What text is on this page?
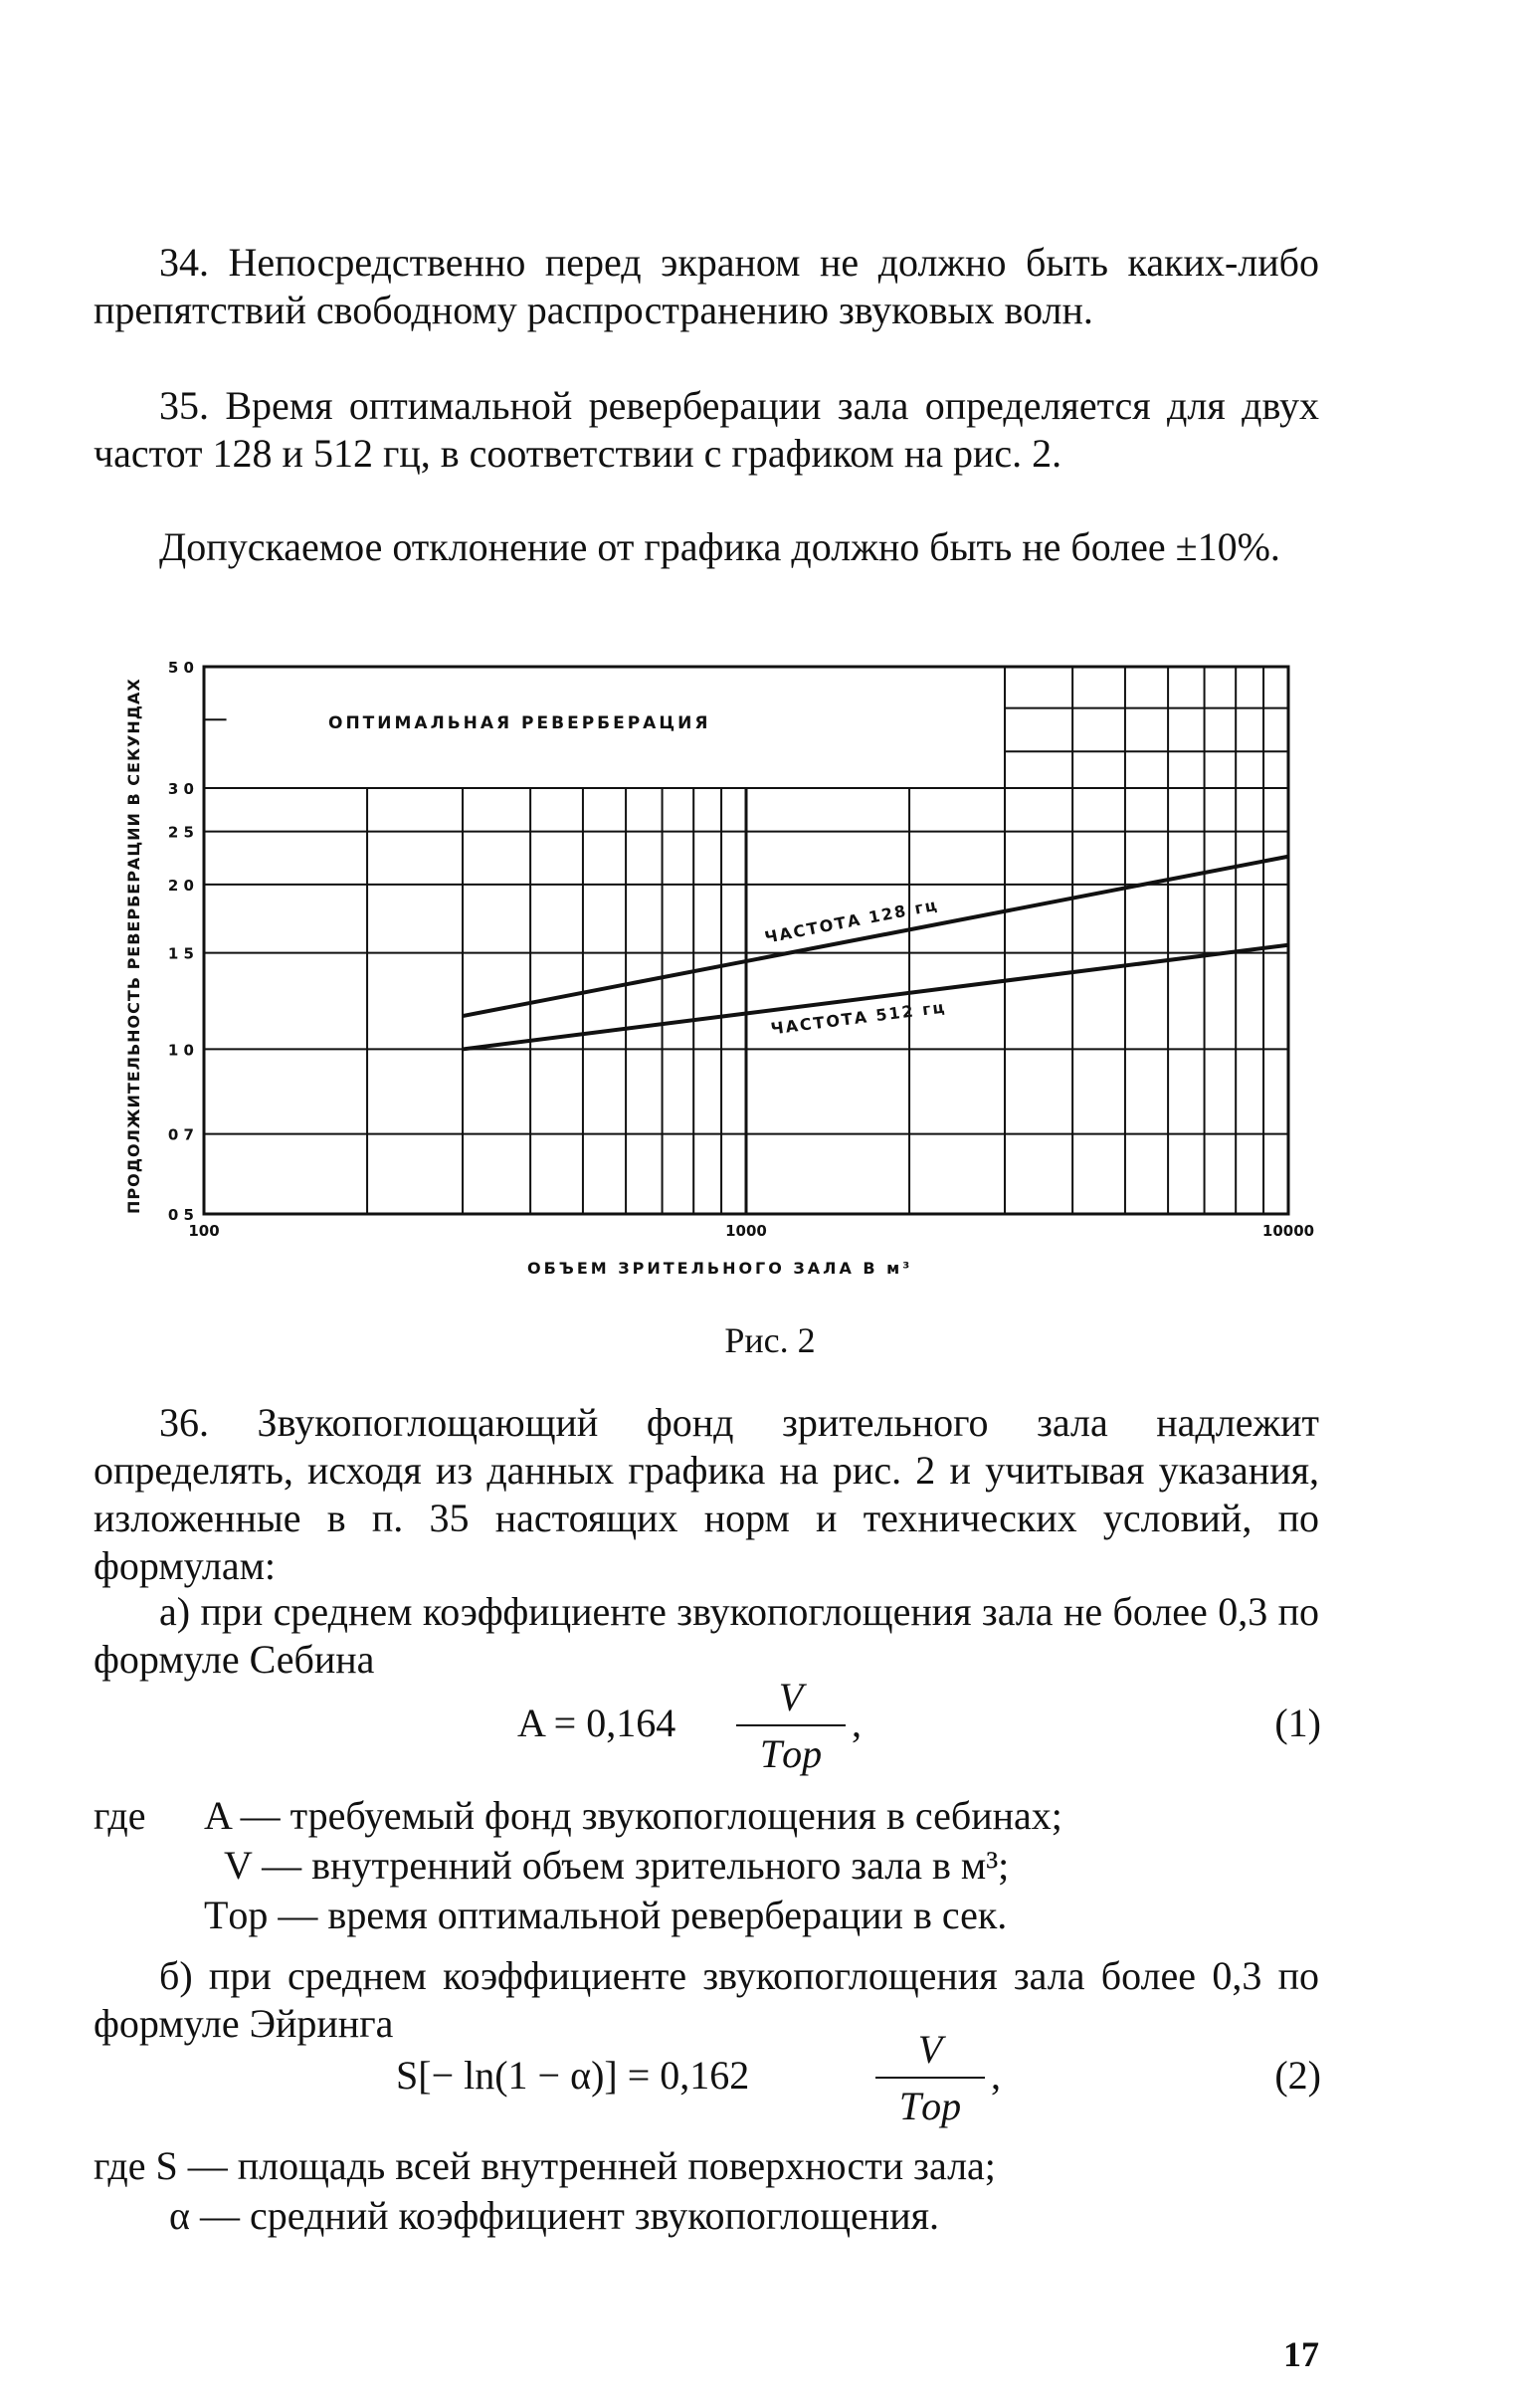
34. Непосредственно перед экраном не должно быть каких-либо препятствий свободному распространению звуковых волн.

35. Время оптимальной реверберации зала определяется для двух частот 128 и 512 гц, в соответствии с графиком на рис. 2.

Допускаемое отклонение от графика должно быть не более ±10%.

0 5
0 7
1 0
1 5
2 0
2 5
3 0
5 0
100	1000	10000
ЧАСТОТА 128 гц
ЧАСТОТА 512 гц
ОПТИМАЛЬНАЯ РЕВЕРБЕРАЦИЯ
ОБЪЕМ ЗРИТЕЛЬНОГО ЗАЛА В м³
ПРОДОЛЖИТЕЛЬНОСТЬ РЕВЕРБЕРАЦИИ В СЕКУНДАХ
Рис. 2

36. Звукопоглощающий фонд зрительного зала надлежит определять, исходя из данных графика на рис. 2 и учитывая указания, изложенные в п. 35 настоящих норм и технических условий, по формулам:

а) при среднем коэффициенте звукопоглощения зала не более 0,3 по формуле Себина

A = 0,164
V
Tор
,	(1)
где A — требуемый фонд звукопоглощения в себинах;
V — внутренний объем зрительного зала в м³;
Tор — время оптимальной реверберации в сек.

б) при среднем коэффициенте звукопоглощения зала более 0,3 по формуле Эйринга

S[− ln(1 − α)] = 0,162
V
Tор
,	(2)
где S — площадь всей внутренней поверхности зала;
α — средний коэффициент звукопоглощения.
17
